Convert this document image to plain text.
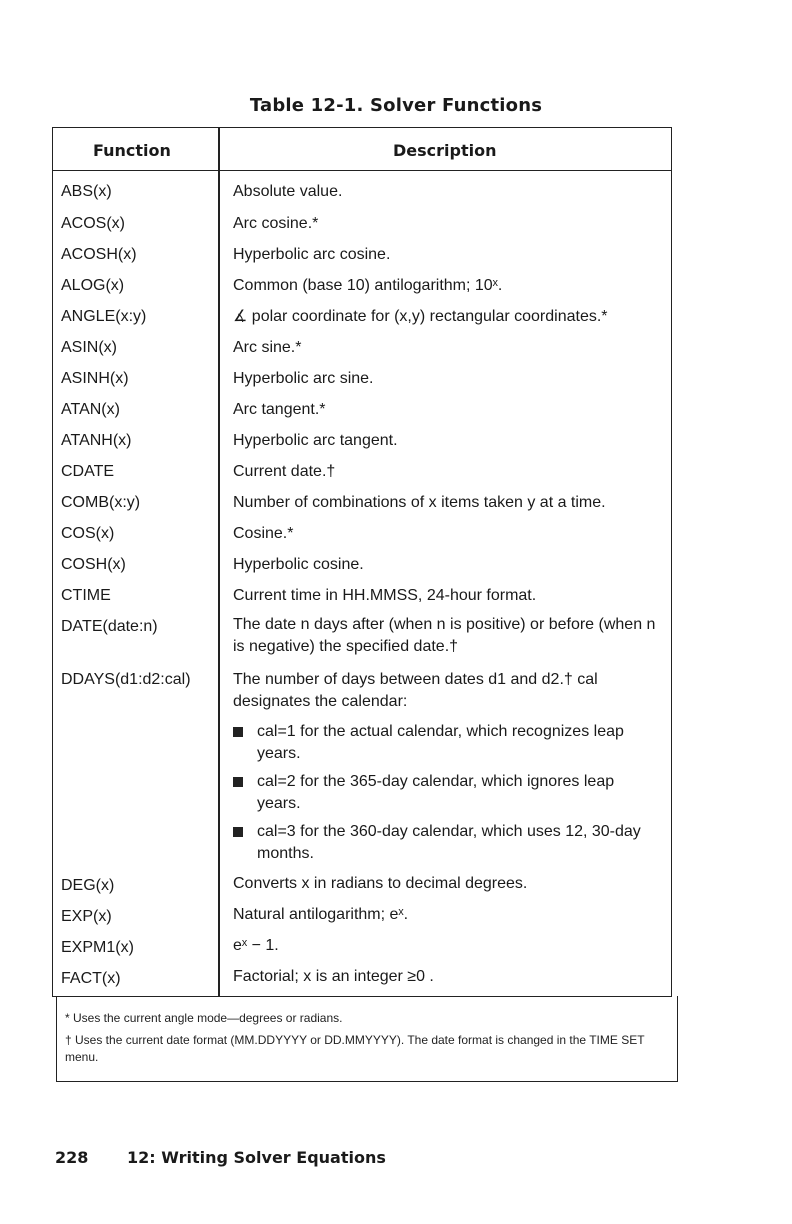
Table 12-1. Solver Functions
Function	Description
ABS(x)	Absolute value.
ACOS(x)	Arc cosine.*
ACOSH(x)	Hyperbolic arc cosine.
ALOG(x)	Common (base 10) antilogarithm; 10ˣ.
ANGLE(x:y)	∡ polar coordinate for (x,y) rectangular coordinates.*
ASIN(x)	Arc sine.*
ASINH(x)	Hyperbolic arc sine.
ATAN(x)	Arc tangent.*
ATANH(x)	Hyperbolic arc tangent.
CDATE	Current date.†
COMB(x:y)	Number of combinations of x items taken y at a time.
COS(x)	Cosine.*
COSH(x)	Hyperbolic cosine.
CTIME	Current time in HH.MMSS, 24-hour format.
DATE(date:n)	The date n days after (when n is positive) or before (when n is negative) the specified date.†
DDAYS(d1:d2:cal)	The number of days between dates d1 and d2.† cal designates the calendar:
cal=1 for the actual calendar, which recognizes leap years.
cal=2 for the 365-day calendar, which ignores leap years.
cal=3 for the 360-day calendar, which uses 12, 30-day months.
DEG(x)	Converts x in radians to decimal degrees.
EXP(x)	Natural antilogarithm; eˣ.
EXPM1(x)	eˣ − 1.
FACT(x)	Factorial; x is an integer ≥0 .
* Uses the current angle mode—degrees or radians.
† Uses the current date format (MM.DDYYYY or DD.MMYYYY). The date format is changed in the TIME SET menu.
228 12: Writing Solver Equations
